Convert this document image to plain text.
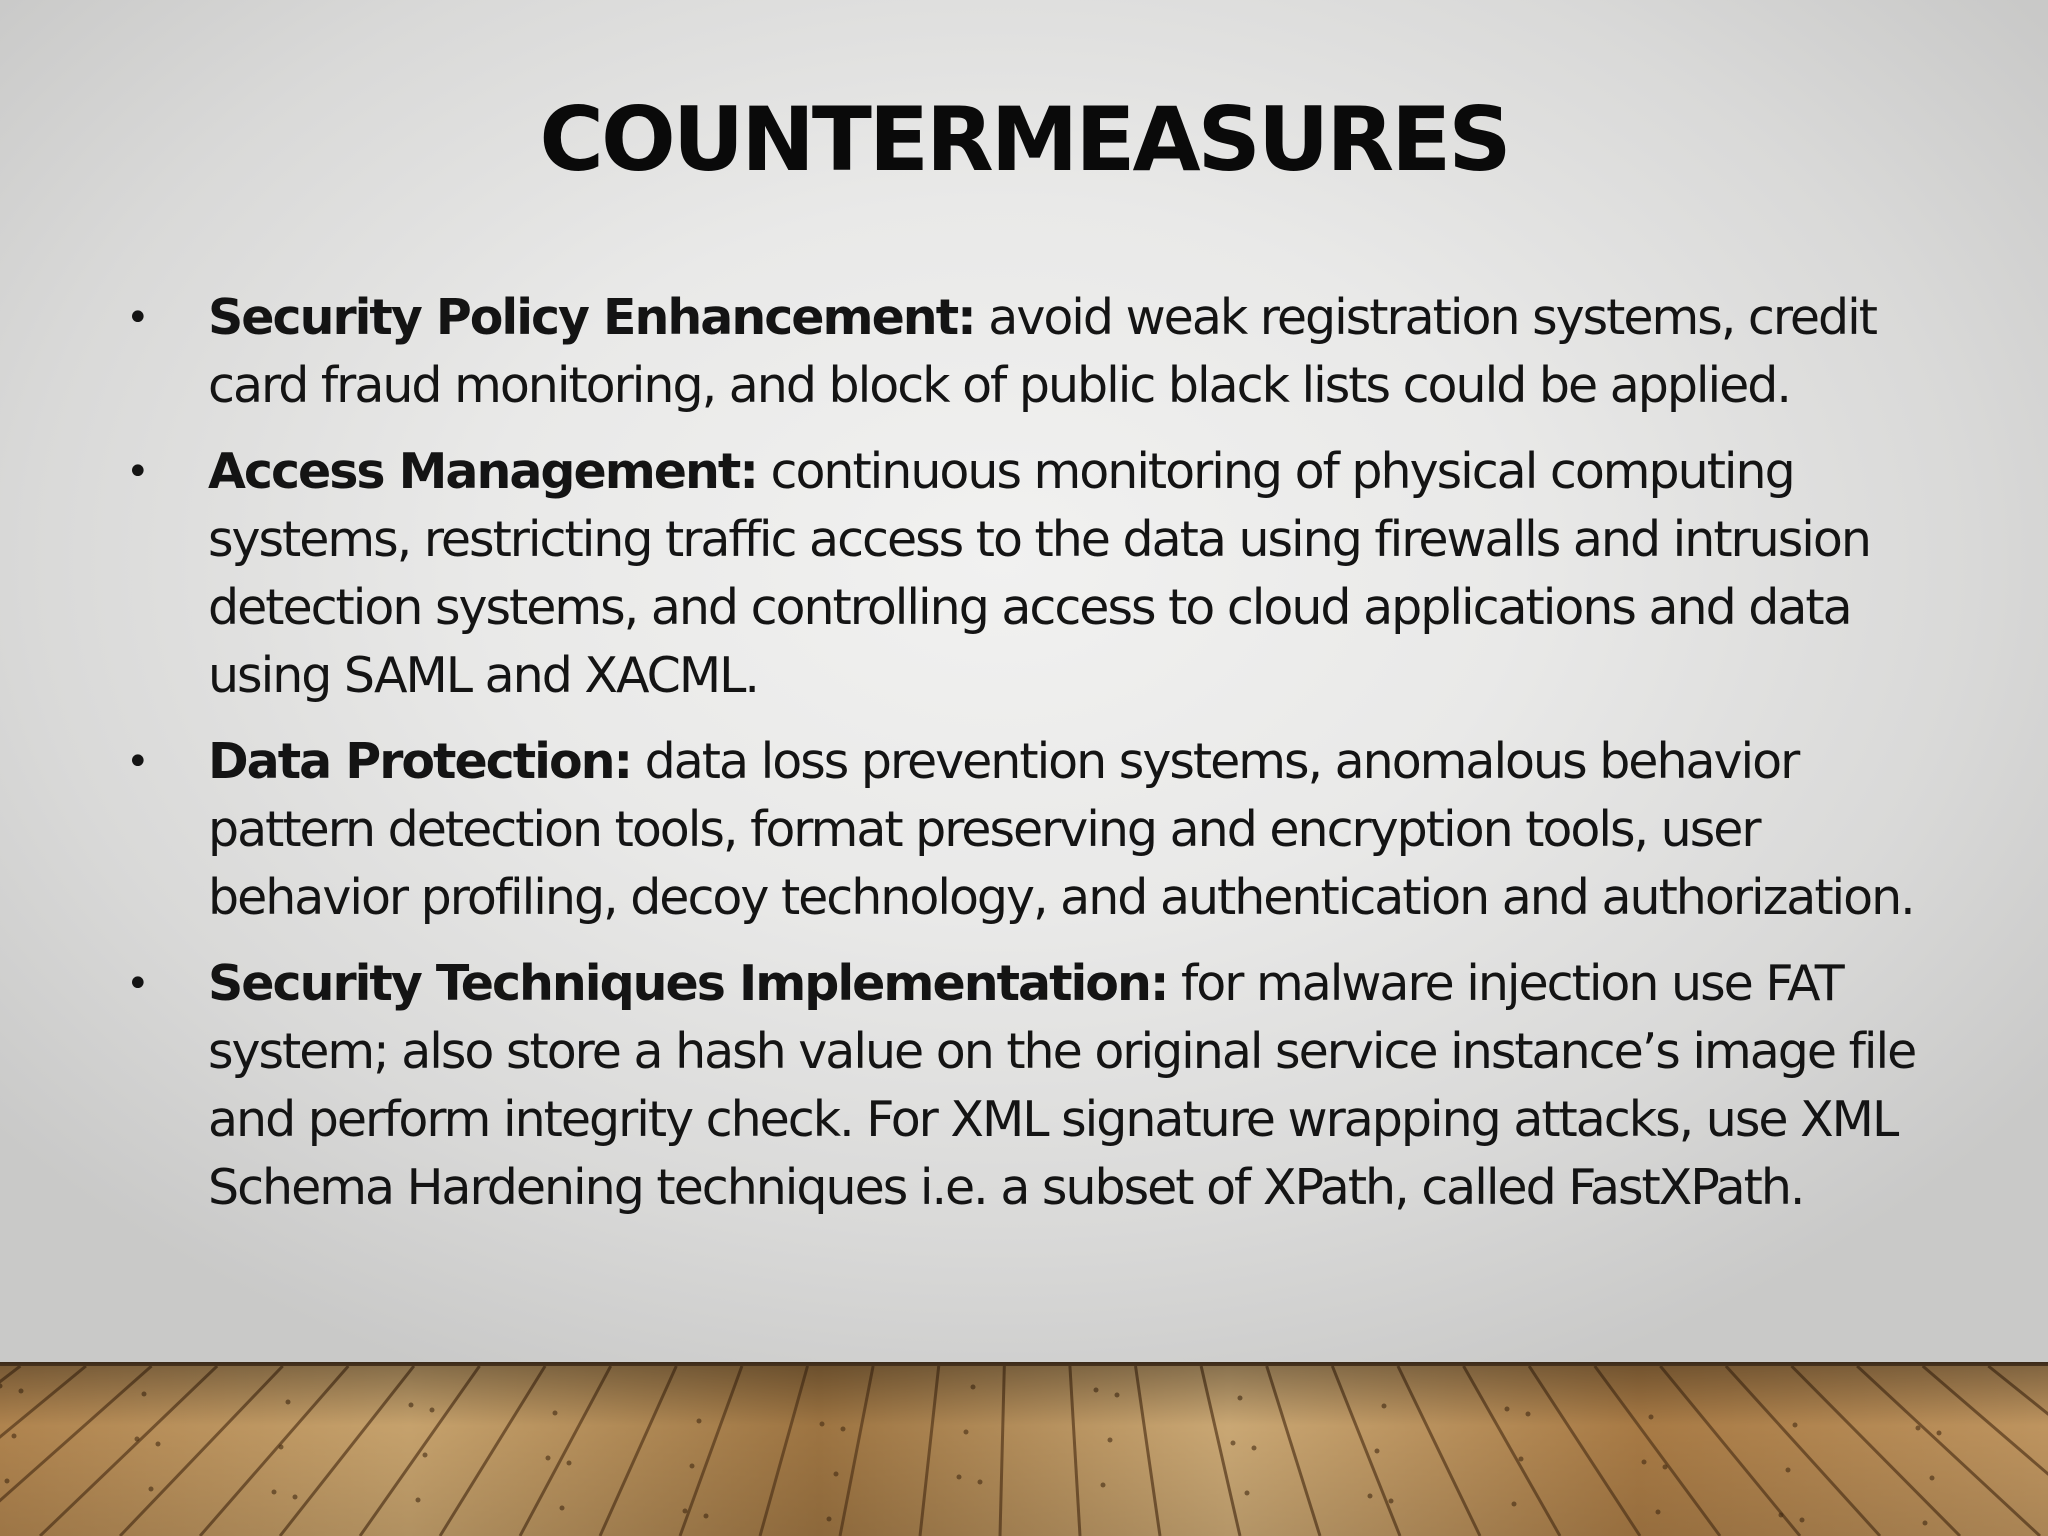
COUNTERMEASURES
• Security Policy Enhancement: avoid weak registration systems, credit card fraud monitoring, and block of public black lists could be applied.
• Access Management: continuous monitoring of physical computing systems, restricting traffic access to the data using firewalls and intrusion detection systems, and controlling access to cloud applications and data using SAML and XACML.
• Data Protection: data loss prevention systems, anomalous behavior pattern detection tools, format preserving and encryption tools, user behavior profiling, decoy technology, and authentication and authorization.
• Security Techniques Implementation: for malware injection use FAT system; also store a hash value on the original service instance’s image file and perform integrity check. For XML signature wrapping attacks, use XML Schema Hardening techniques i.e. a subset of XPath, called FastXPath.
